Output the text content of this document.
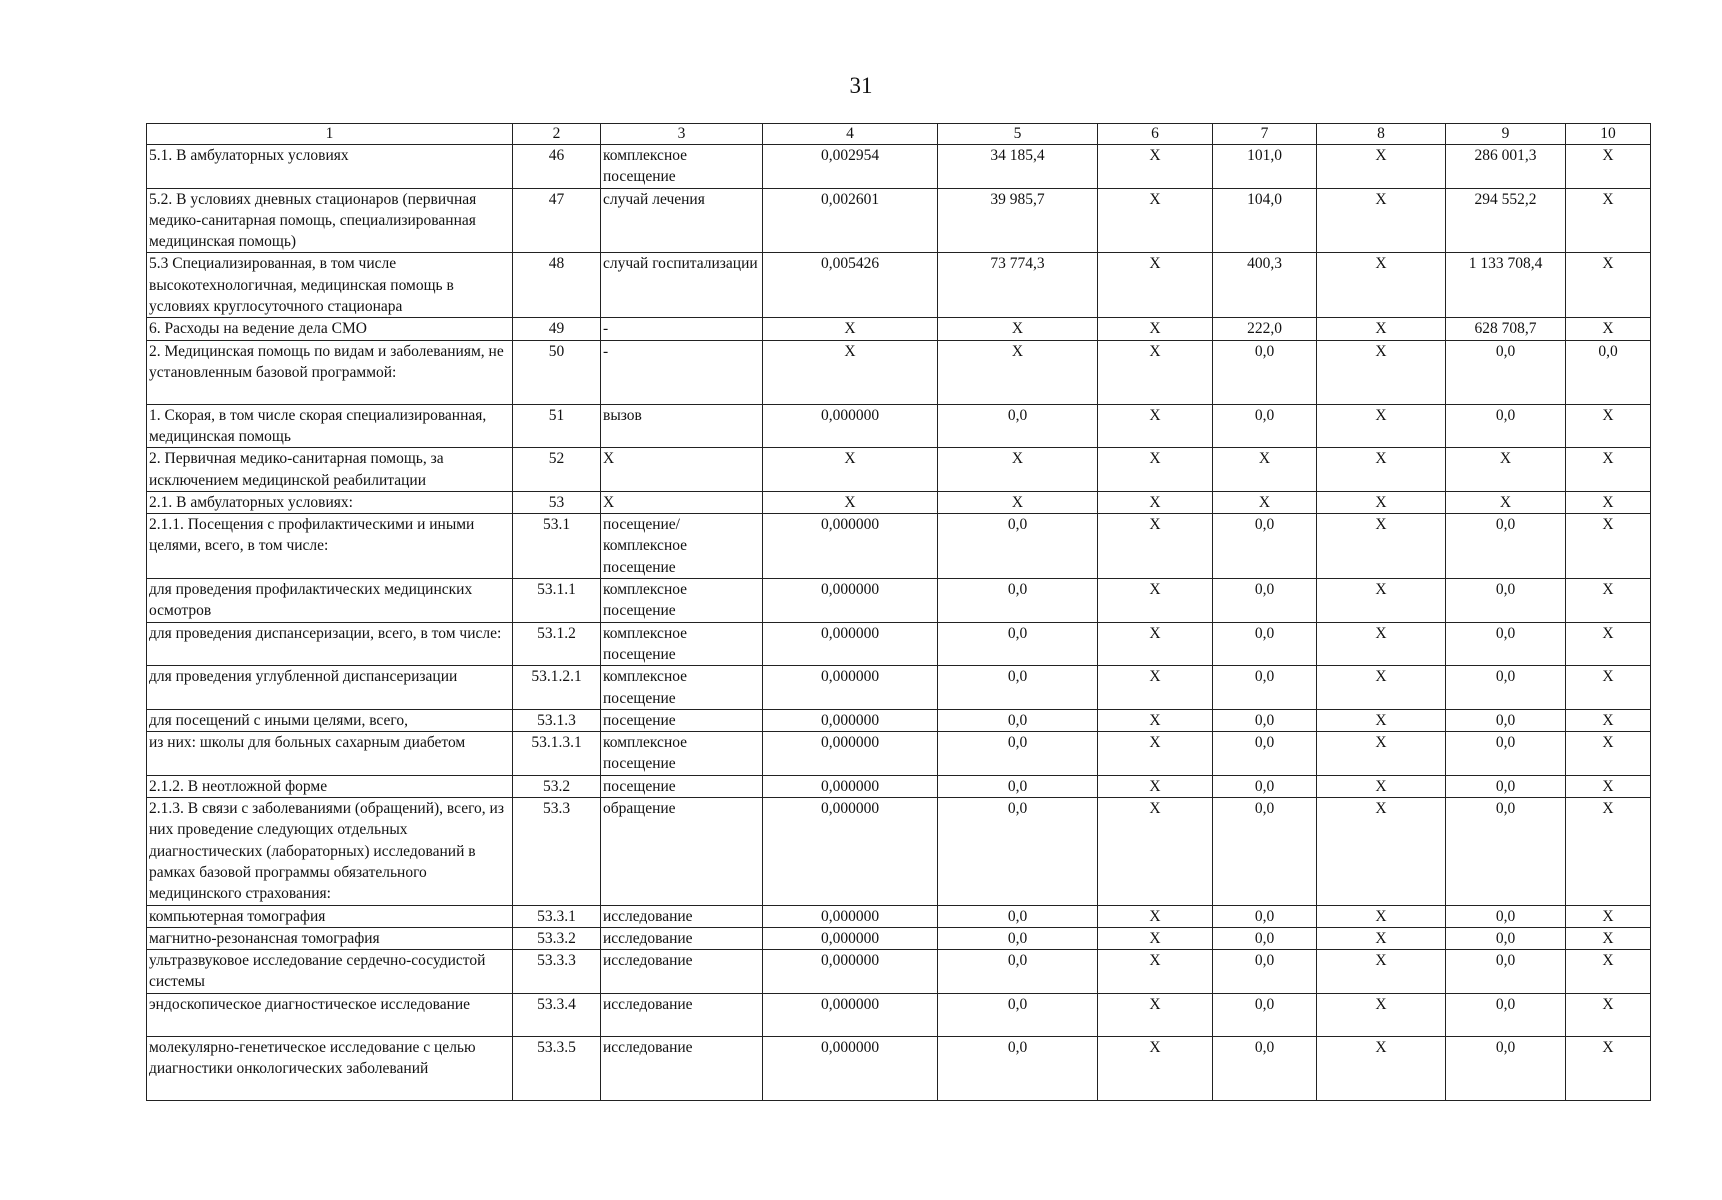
31
1	2	3	4	5	6	7	8	9	10
5.1. В амбулаторных условиях	46	комплексное посещение	0,002954	34 185,4	X	101,0	X	286 001,3	X
5.2. В условиях дневных стационаров (первичная медико-санитарная помощь, специализированная медицинская помощь)	47	случай лечения	0,002601	39 985,7	X	104,0	X	294 552,2	X
5.3 Специализированная, в том числе высокотехнологичная, медицинская помощь в условиях круглосуточного стационара	48	случай госпитализации	0,005426	73 774,3	X	400,3	X	1 133 708,4	X
6. Расходы на ведение дела СМО	49	-	X	X	X	222,0	X	628 708,7	X
2. Медицинская помощь по видам и заболеваниям, не установленным базовой программой:	50	-	X	X	X	0,0	X	0,0	0,0
1. Скорая, в том числе скорая специализированная, медицинская помощь	51	вызов	0,000000	0,0	X	0,0	X	0,0	X
2. Первичная медико-санитарная помощь, за исключением медицинской реабилитации	52	X	X	X	X	X	X	X	X
2.1. В амбулаторных условиях:	53	X	X	X	X	X	X	X	X
2.1.1. Посещения с профилактическими и иными целями, всего, в том числе:	53.1	посещение/ комплексное посещение	0,000000	0,0	X	0,0	X	0,0	X
для проведения профилактических медицинских осмотров	53.1.1	комплексное посещение	0,000000	0,0	X	0,0	X	0,0	X
для проведения диспансеризации, всего, в том числе:	53.1.2	комплексное посещение	0,000000	0,0	X	0,0	X	0,0	X
для проведения углубленной диспансеризации	53.1.2.1	комплексное посещение	0,000000	0,0	X	0,0	X	0,0	X
для посещений с иными целями, всего,	53.1.3	посещение	0,000000	0,0	X	0,0	X	0,0	X
из них: школы для больных сахарным диабетом	53.1.3.1	комплексное посещение	0,000000	0,0	X	0,0	X	0,0	X
2.1.2. В неотложной форме	53.2	посещение	0,000000	0,0	X	0,0	X	0,0	X
2.1.3. В связи с заболеваниями (обращений), всего, из них проведение следующих отдельных диагностических (лабораторных) исследований в рамках базовой программы обязательного медицинского страхования:	53.3	обращение	0,000000	0,0	X	0,0	X	0,0	X
компьютерная томография	53.3.1	исследование	0,000000	0,0	X	0,0	X	0,0	X
магнитно-резонансная томография	53.3.2	исследование	0,000000	0,0	X	0,0	X	0,0	X
ультразвуковое исследование сердечно-сосудистой системы	53.3.3	исследование	0,000000	0,0	X	0,0	X	0,0	X
эндоскопическое диагностическое исследование	53.3.4	исследование	0,000000	0,0	X	0,0	X	0,0	X
молекулярно-генетическое исследование с целью диагностики онкологических заболеваний	53.3.5	исследование	0,000000	0,0	X	0,0	X	0,0	X
